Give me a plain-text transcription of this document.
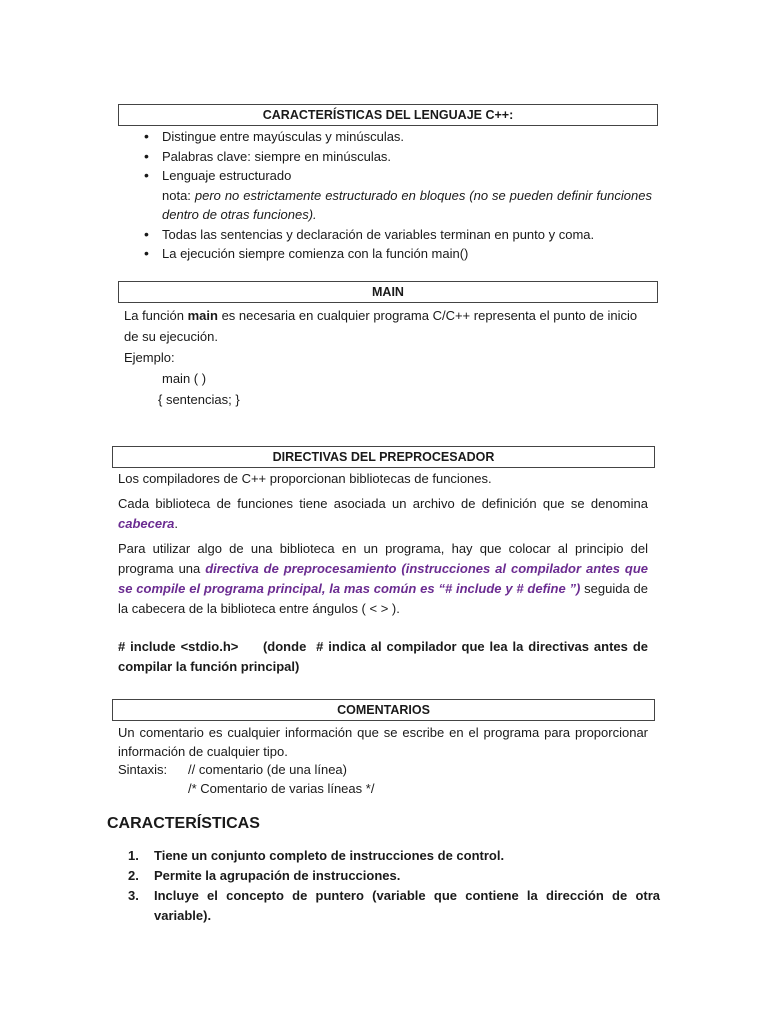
CARACTERÍSTICAS DEL LENGUAJE C++:
• Distingue entre mayúsculas y minúsculas.
• Palabras clave: siempre en minúsculas.
• Lenguaje estructurado
nota: pero no estrictamente estructurado en bloques (no se pueden definir funciones dentro de otras funciones).
• Todas las sentencias y declaración de variables terminan en punto y coma.
• La ejecución siempre comienza con la función main()
MAIN
La función main es necesaria en cualquier programa C/C++ representa el punto de inicio de su ejecución.
Ejemplo:
main ( )
{ sentencias; }
DIRECTIVAS DEL PREPROCESADOR
Los compiladores de C++ proporcionan bibliotecas de funciones.
Cada biblioteca de funciones tiene asociada un archivo de definición que se denomina cabecera.
Para utilizar algo de una biblioteca en un programa, hay que colocar al principio del programa una directiva de preprocesamiento (instrucciones al compilador antes que se compile el programa principal, la mas común es “# include y # define ”) seguida de la cabecera de la biblioteca entre ángulos ( < > ).
# include <stdio.h>     (donde  # indica al compilador que lea la directivas antes de compilar la función principal)
COMENTARIOS
Un comentario es cualquier información que se escribe en el programa para proporcionar información de cualquier tipo.
Sintaxis: // comentario (de una línea)
/* Comentario de varias líneas */
CARACTERÍSTICAS
1. Tiene un conjunto completo de instrucciones de control.
2. Permite la agrupación de instrucciones.
3. Incluye el concepto de puntero (variable que contiene la dirección de otra variable).
